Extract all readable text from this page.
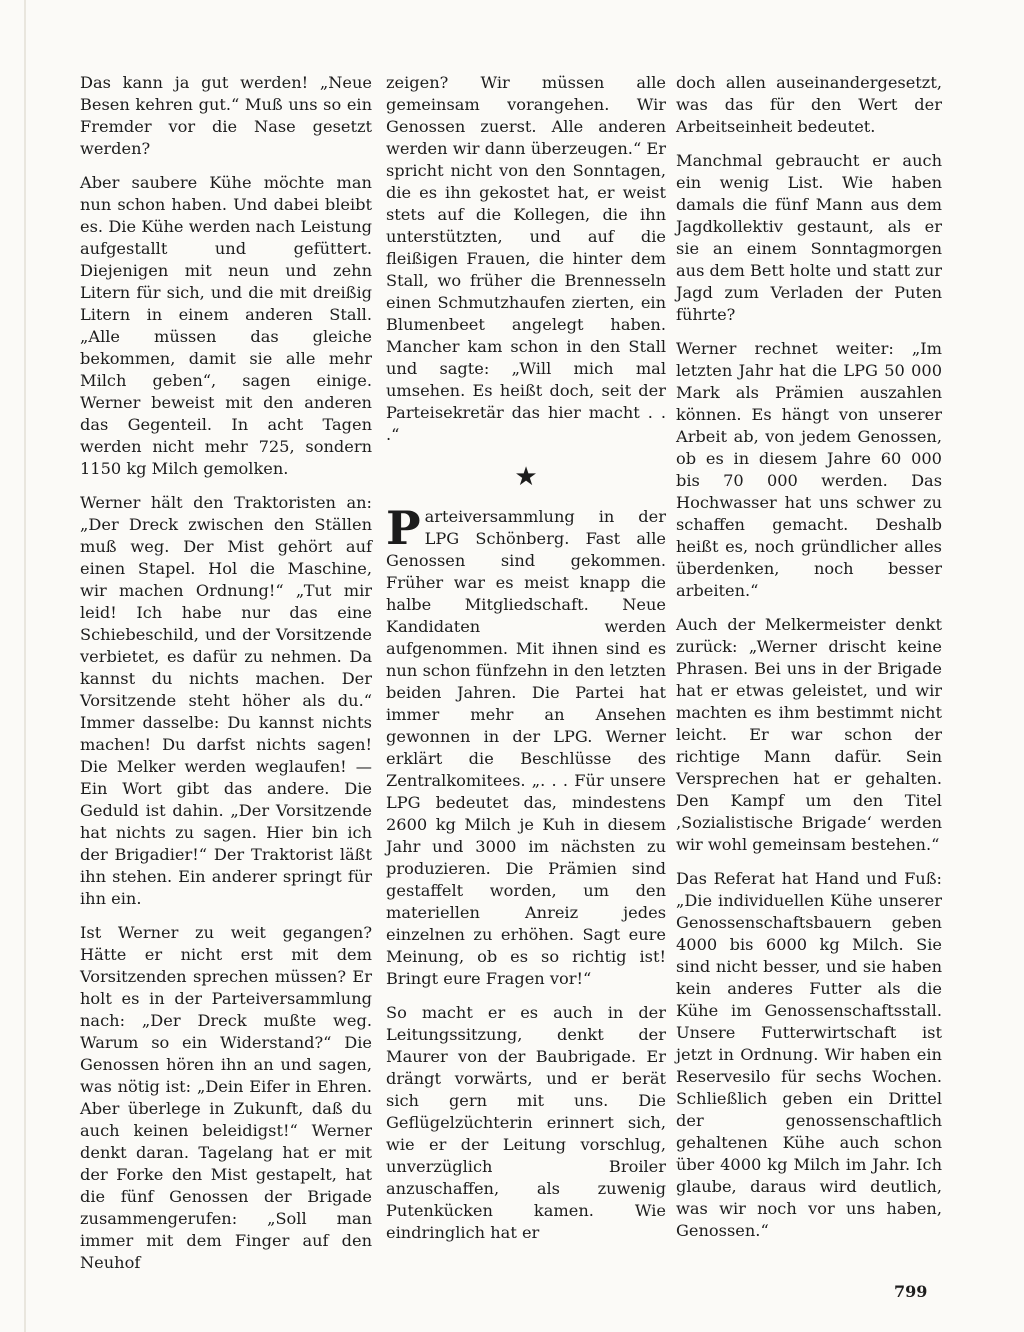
Das kann ja gut werden! „Neue Besen kehren gut.“ Muß uns so ein Fremder vor die Nase gesetzt werden?

Aber saubere Kühe möchte man nun schon haben. Und dabei bleibt es. Die Kühe werden nach Leistung aufgestallt und gefüttert. Diejenigen mit neun und zehn Litern für sich, und die mit dreißig Litern in einem anderen Stall. „Alle müssen das gleiche bekommen, damit sie alle mehr Milch geben“, sagen einige. Werner beweist mit den anderen das Gegenteil. In acht Tagen werden nicht mehr 725, sondern 1150 kg Milch gemolken.

Werner hält den Traktoristen an: „Der Dreck zwischen den Ställen muß weg. Der Mist gehört auf einen Stapel. Hol die Maschine, wir machen Ordnung!“ „Tut mir leid! Ich habe nur das eine Schiebeschild, und der Vorsitzende verbietet, es dafür zu nehmen. Da kannst du nichts machen. Der Vorsitzende steht höher als du.“ Immer dasselbe: Du kannst nichts machen! Du darfst nichts sagen! Die Melker werden weglaufen! — Ein Wort gibt das andere. Die Geduld ist dahin. „Der Vorsitzende hat nichts zu sagen. Hier bin ich der Brigadier!“ Der Traktorist läßt ihn stehen. Ein anderer springt für ihn ein.

Ist Werner zu weit gegangen? Hätte er nicht erst mit dem Vorsitzenden sprechen müssen? Er holt es in der Parteiversammlung nach: „Der Dreck mußte weg. Warum so ein Widerstand?“ Die Genossen hören ihn an und sagen, was nötig ist: „Dein Eifer in Ehren. Aber überlege in Zukunft, daß du auch keinen beleidigst!“ Werner denkt daran. Tagelang hat er mit der Forke den Mist gestapelt, hat die fünf Genossen der Brigade zusammengerufen: „Soll man immer mit dem Finger auf den Neuhof

zeigen? Wir müssen alle gemeinsam vorangehen. Wir Genossen zuerst. Alle anderen werden wir dann überzeugen.“ Er spricht nicht von den Sonntagen, die es ihn gekostet hat, er weist stets auf die Kollegen, die ihn unterstützten, und auf die fleißigen Frauen, die hinter dem Stall, wo früher die Brennesseln einen Schmutzhaufen zierten, ein Blumenbeet angelegt haben. Mancher kam schon in den Stall und sagte: „Will mich mal umsehen. Es heißt doch, seit der Parteisekretär das hier macht . . .“

★

Parteiversammlung in der LPG Schönberg. Fast alle Genossen sind gekommen. Früher war es meist knapp die halbe Mitgliedschaft. Neue Kandidaten werden aufgenommen. Mit ihnen sind es nun schon fünfzehn in den letzten beiden Jahren. Die Partei hat immer mehr an Ansehen gewonnen in der LPG. Werner erklärt die Beschlüsse des Zentralkomitees. „. . . Für unsere LPG bedeutet das, mindestens 2600 kg Milch je Kuh in diesem Jahr und 3000 im nächsten zu produzieren. Die Prämien sind gestaffelt worden, um den materiellen Anreiz jedes einzelnen zu erhöhen. Sagt eure Meinung, ob es so richtig ist! Bringt eure Fragen vor!“

So macht er es auch in der Leitungssitzung, denkt der Maurer von der Baubrigade. Er drängt vorwärts, und er berät sich gern mit uns. Die Geflügelzüchterin erinnert sich, wie er der Leitung vorschlug, unverzüglich Broiler anzuschaffen, als zuwenig Putenkücken kamen. Wie eindringlich hat er

doch allen auseinandergesetzt, was das für den Wert der Arbeitseinheit bedeutet.

Manchmal gebraucht er auch ein wenig List. Wie haben damals die fünf Mann aus dem Jagdkollektiv gestaunt, als er sie an einem Sonntagmorgen aus dem Bett holte und statt zur Jagd zum Verladen der Puten führte?

Werner rechnet weiter: „Im letzten Jahr hat die LPG 50 000 Mark als Prämien auszahlen können. Es hängt von unserer Arbeit ab, von jedem Genossen, ob es in diesem Jahre 60 000 bis 70 000 werden. Das Hochwasser hat uns schwer zu schaffen gemacht. Deshalb heißt es, noch gründlicher alles überdenken, noch besser arbeiten.“

Auch der Melkermeister denkt zurück: „Werner drischt keine Phrasen. Bei uns in der Brigade hat er etwas geleistet, und wir machten es ihm bestimmt nicht leicht. Er war schon der richtige Mann dafür. Sein Versprechen hat er gehalten. Den Kampf um den Titel ‚Sozialistische Brigade‘ werden wir wohl gemeinsam bestehen.“

Das Referat hat Hand und Fuß: „Die individuellen Kühe unserer Genossenschaftsbauern geben 4000 bis 6000 kg Milch. Sie sind nicht besser, und sie haben kein anderes Futter als die Kühe im Genossenschaftsstall. Unsere Futterwirtschaft ist jetzt in Ordnung. Wir haben ein Reservesilo für sechs Wochen. Schließlich geben ein Drittel der genossenschaftlich gehaltenen Kühe auch schon über 4000 kg Milch im Jahr. Ich glaube, daraus wird deutlich, was wir noch vor uns haben, Genossen.“

799
